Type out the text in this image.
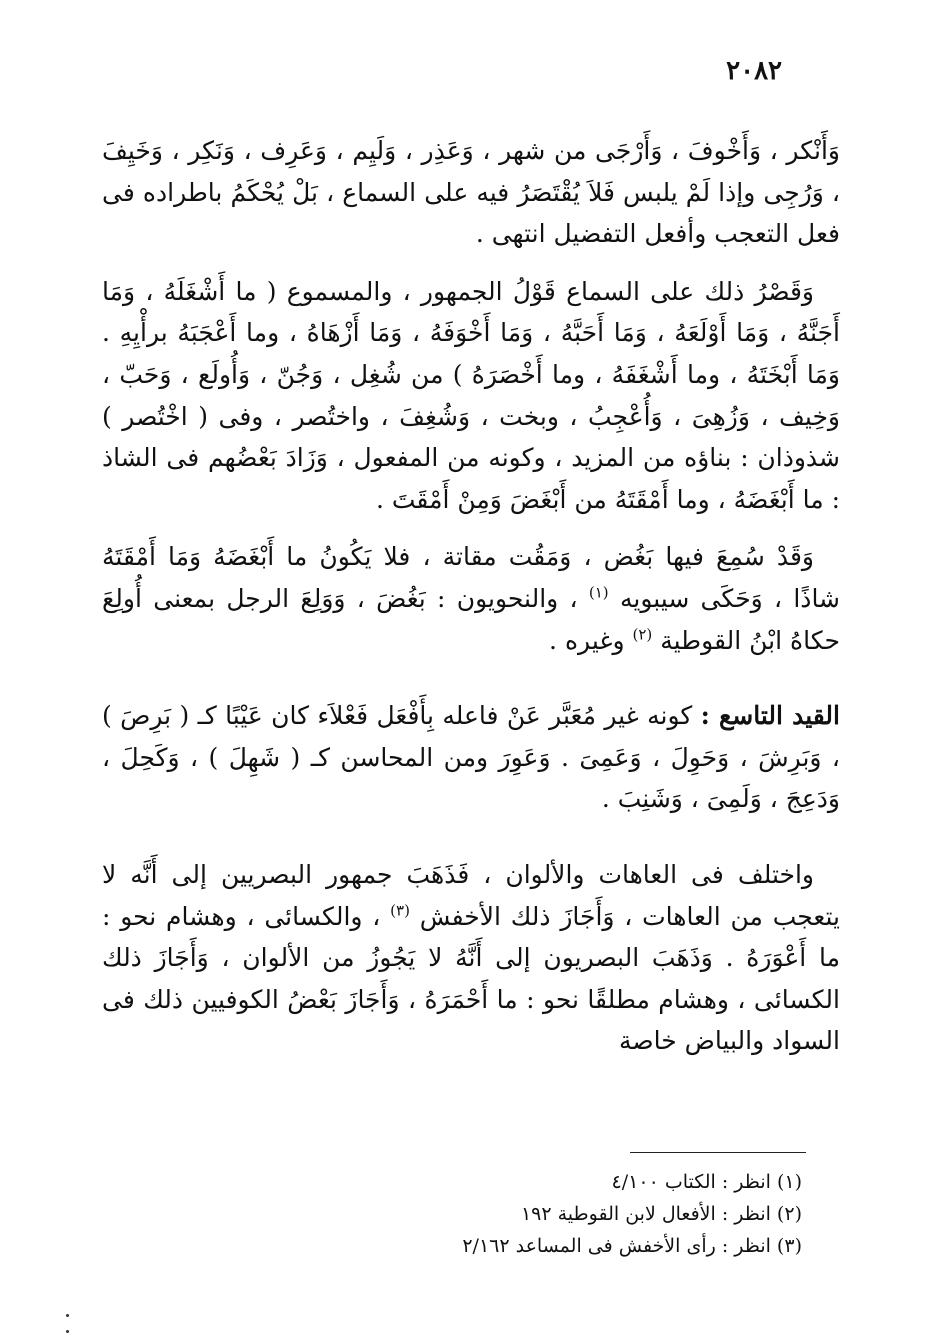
٢٠٨٢

وَأَنْكر ، وَأَخْوفَ ، وَأَرْجَى من شهر ، وَعَذِر ، وَلَيِم ، وَعَرِف ، وَنَكِر ، وَخَيِفَ ، وَرُجِى وإذا لَمْ يلبس فَلاَ يُقْتَصَرُ فيه على السماع ، بَلْ يُحْكَمُ باطراده فى فعل التعجب وأفعل التفضيل انتهى .

وَقَصْرُ ذلك على السماع قَوْلُ الجمهور ، والمسموع ( ما أَشْغَلَهُ ، وَمَا أَجَنَّهُ ، وَمَا أَوْلَعَهُ ، وَمَا أَحَبَّهُ ، وَمَا أَخْوَفَهُ ، وَمَا أَزْهَاهُ ، وما أَعْجَبَهُ برأْيِهِ . وَمَا أَبْخَتَهُ ، وما أَشْغَفَهُ ، وما أَخْصَرَهُ ) من شُغِل ، وَجُنّ ، وَأُولَع ، وَحَبّ ، وَخِيف ، وَزُهِىَ ، وَأُعْجِبُ ، وبخت ، وَشُغِفَ ، واختُصر ، وفى ( اخْتُصر ) شذوذان : بناؤه من المزيد ، وكونه من المفعول ، وَزَادَ بَعْضُهم فى الشاذ : ما أَبْغَضَهُ ، وما أَمْقَتَهُ من أَبْغَضَ وَمِنْ أَمْقَتَ .

وَقَدْ سُمِعَ فيها بَغُض ، وَمَقُت مقاتة ، فلا يَكُونُ ما أَبْغَضَهُ وَمَا أَمْقَتَهُ شاذًا ، وَحَكَى سيبويه $^{(١)}$ ، والنحويون : بَغُضَ ، وَوَلِعَ الرجل بمعنى أُولِعَ حكاهُ ابْنُ القوطية $^{(٢)}$ وغيره .

القيد التاسع : كونه غير مُعَبَّر عَنْ فاعله بِأَفْعَل فَعْلاَء كان عَيْبًا كـ ( بَرِصَ ) ، وَبَرِشَ ، وَحَوِلَ ، وَعَمِىَ . وَعَوِرَ ومن المحاسن كـ ( شَهِلَ ) ، وَكَحِلَ ، وَدَعِجَ ، وَلَمِىَ ، وَشَنِبَ .

واختلف فى العاهات والألوان ، فَذَهَبَ جمهور البصريين إلى أَنَّه لا يتعجب من العاهات ، وَأَجَازَ ذلك الأخفش $^{(٣)}$ ، والكسائى ، وهشام نحو : ما أَعْوَرَهُ . وَذَهَبَ البصريون إلى أَنَّهُ لا يَجُوزُ من الألوان ، وَأَجَازَ ذلك الكسائى ، وهشام مطلقًا نحو : ما أَحْمَرَهُ ، وَأَجَازَ بَعْضُ الكوفيين ذلك فى السواد والبياض خاصة

(١) انظر : الكتاب ٤/١٠٠

(٢) انظر : الأفعال لابن القوطية ١٩٢

(٣) انظر : رأى الأخفش فى المساعد ٢/١٦٢
